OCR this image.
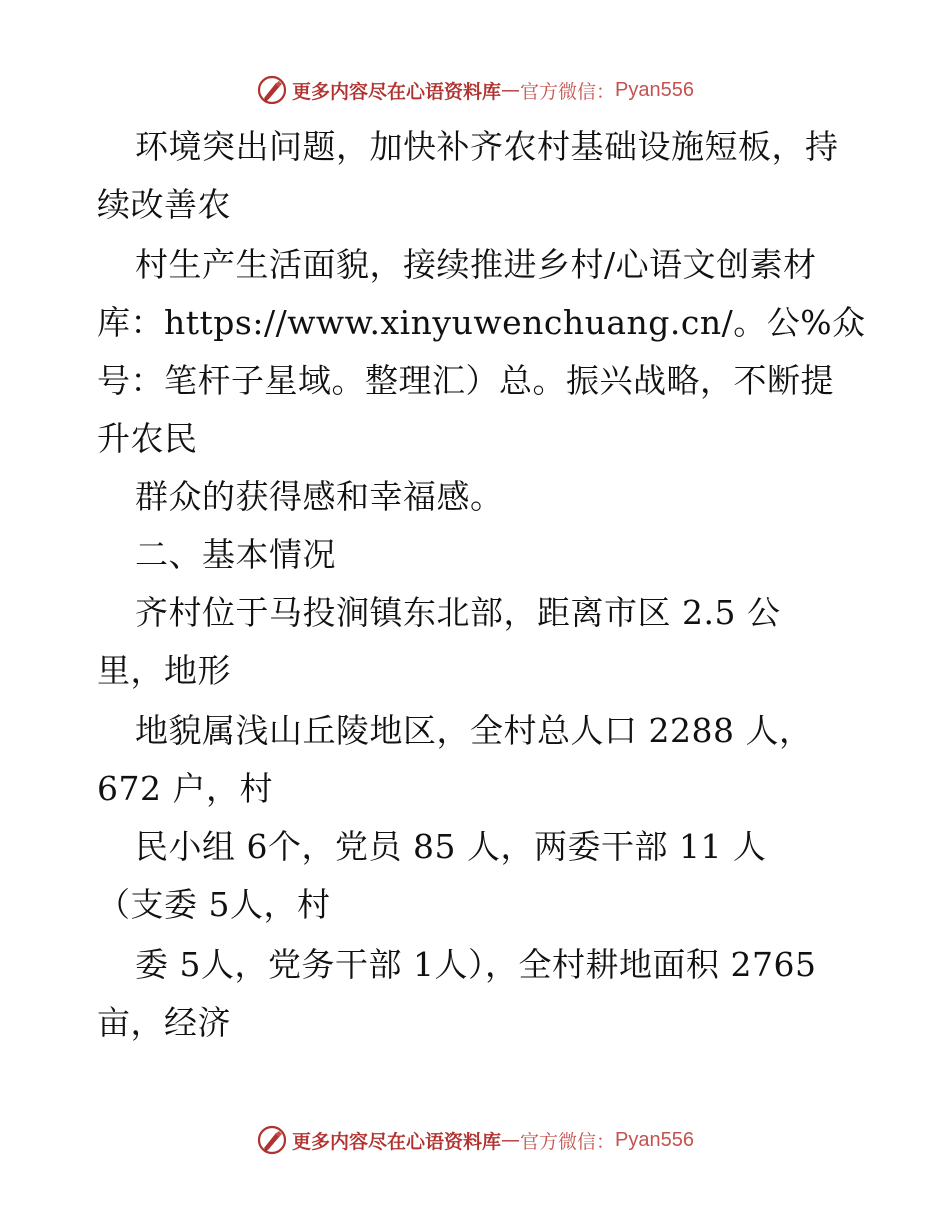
更多内容尽在心语资料库 — 官方微信： Pyan556
环境突出问题，加快补齐农村基础设施短板，持
续改善农
村生产生活面貌，接续推进乡村/心语文创素材
库：https://www.xinyuwenchuang.cn/。公%众
号：笔杆子星域。整理汇）总。振兴战略，不断提
升农民
群众的获得感和幸福感。
二、基本情况
齐村位于马投涧镇东北部，距离市区 2.5 公
里，地形
地貌属浅山丘陵地区，全村总人口 2288 人，
672 户，村
民小组 6个，党员 85 人，两委干部 11 人
（支委 5人，村
委 5人，党务干部 1人），全村耕地面积 2765
亩，经济
更多内容尽在心语资料库 — 官方微信： Pyan556
